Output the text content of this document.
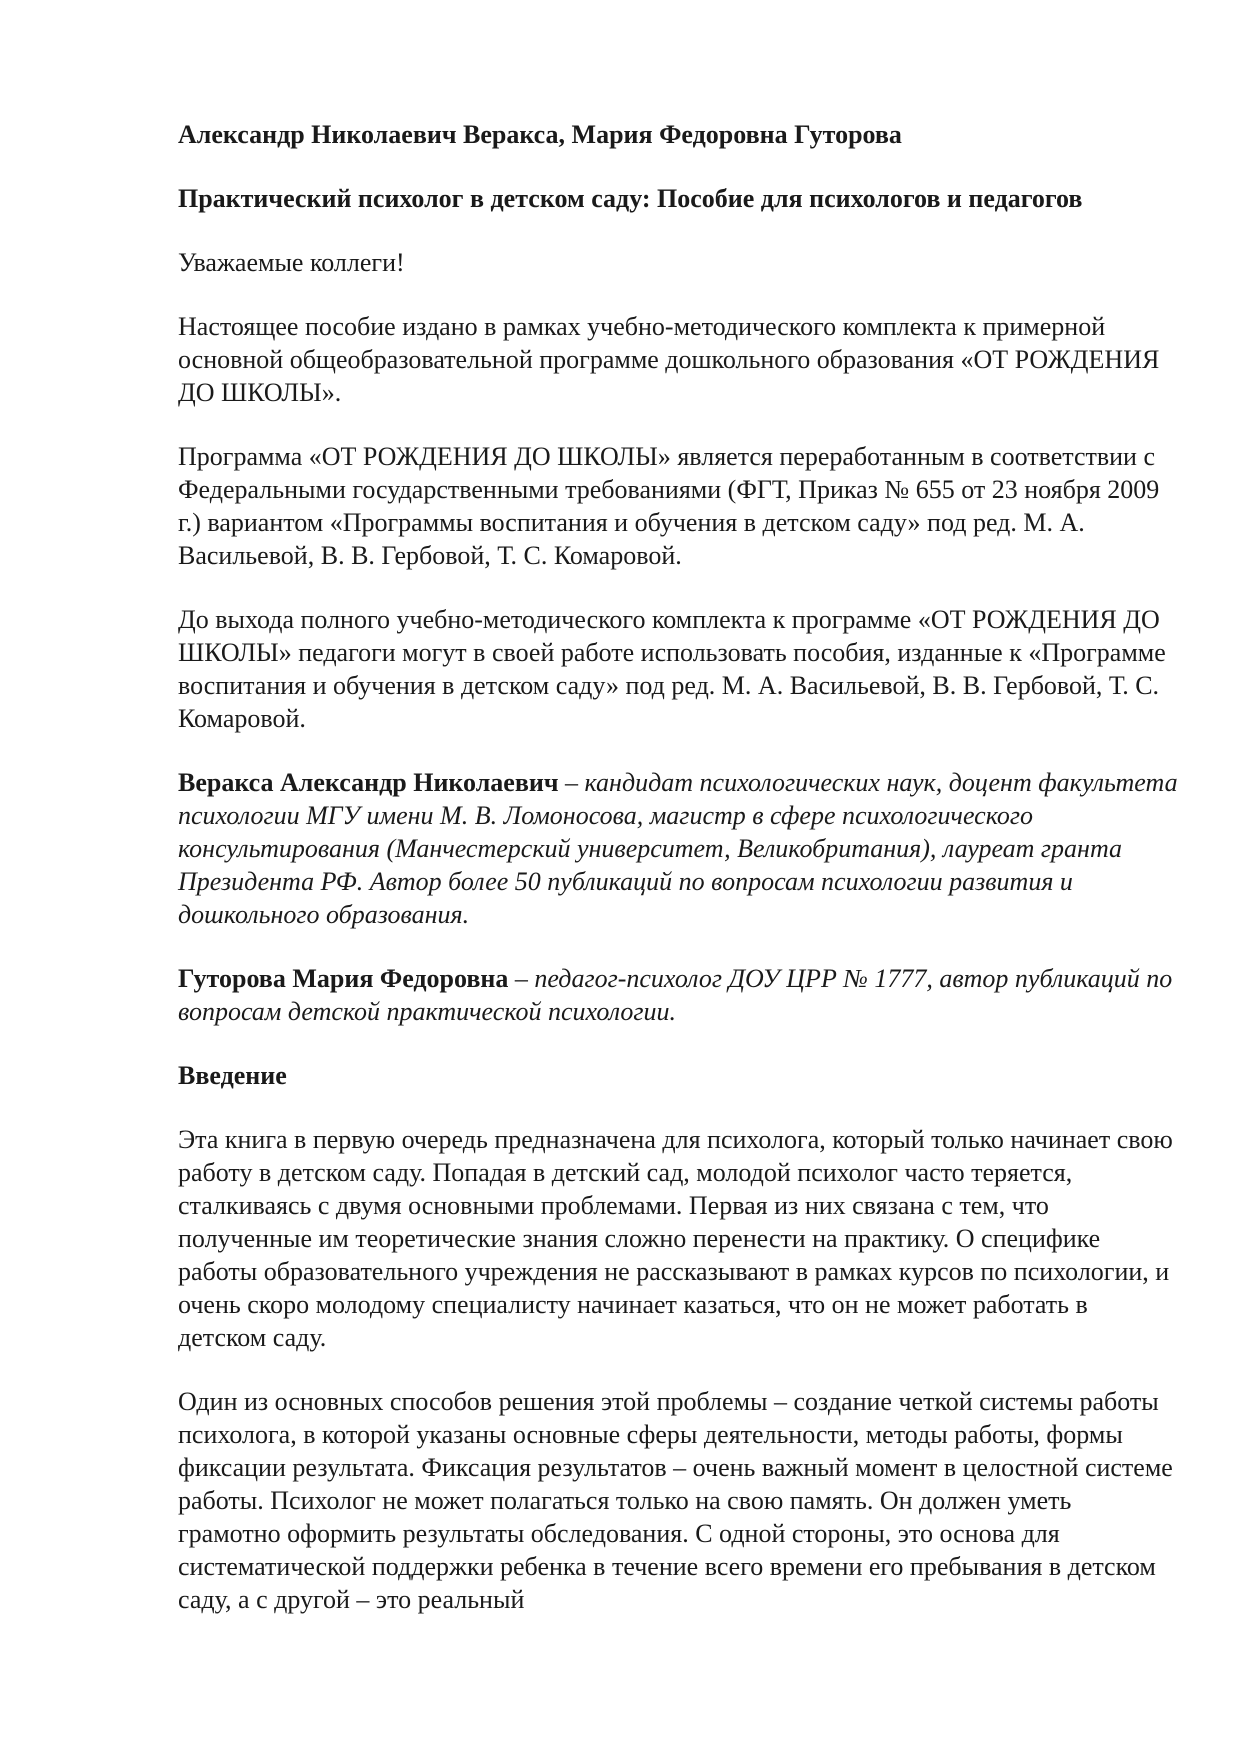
Александр Николаевич Веракса, Мария Федоровна Гуторова

Практический психолог в детском саду: Пособие для психологов и педагогов

Уважаемые коллеги!

Настоящее пособие издано в рамках учебно-методического комплекта к примерной основной общеобразовательной программе дошкольного образования «ОТ РОЖДЕНИЯ ДО ШКОЛЫ».

Программа «ОТ РОЖДЕНИЯ ДО ШКОЛЫ» является переработанным в соответствии с Федеральными государственными требованиями (ФГТ, Приказ № 655 от 23 ноября 2009 г.) вариантом «Программы воспитания и обучения в детском саду» под ред. М. А. Васильевой, В. В. Гербовой, Т. С. Комаровой.

До выхода полного учебно-методического комплекта к программе «ОТ РОЖДЕНИЯ ДО ШКОЛЫ» педагоги могут в своей работе использовать пособия, изданные к «Программе воспитания и обучения в детском саду» под ред. М. А. Васильевой, В. В. Гербовой, Т. С. Комаровой.

Веракса Александр Николаевич – кандидат психологических наук, доцент факультета психологии МГУ имени М. В. Ломоносова, магистр в сфере психологического консультирования (Манчестерский университет, Великобритания), лауреат гранта Президента РФ. Автор более 50 публикаций по вопросам психологии развития и дошкольного образования.

Гуторова Мария Федоровна – педагог-психолог ДОУ ЦРР № 1777, автор публикаций по вопросам детской практической психологии.

Введение

Эта книга в первую очередь предназначена для психолога, который только начинает свою работу в детском саду. Попадая в детский сад, молодой психолог часто теряется, сталкиваясь с двумя основными проблемами. Первая из них связана с тем, что полученные им теоретические знания сложно перенести на практику. О специфике работы образовательного учреждения не рассказывают в рамках курсов по психологии, и очень скоро молодому специалисту начинает казаться, что он не может работать в детском саду.

Один из основных способов решения этой проблемы – создание четкой системы работы психолога, в которой указаны основные сферы деятельности, методы работы, формы фиксации результата. Фиксация результатов – очень важный момент в целостной системе работы. Психолог не может полагаться только на свою память. Он должен уметь грамотно оформить результаты обследования. С одной стороны, это основа для систематической поддержки ребенка в течение всего времени его пребывания в детском саду, а с другой – это реальный
